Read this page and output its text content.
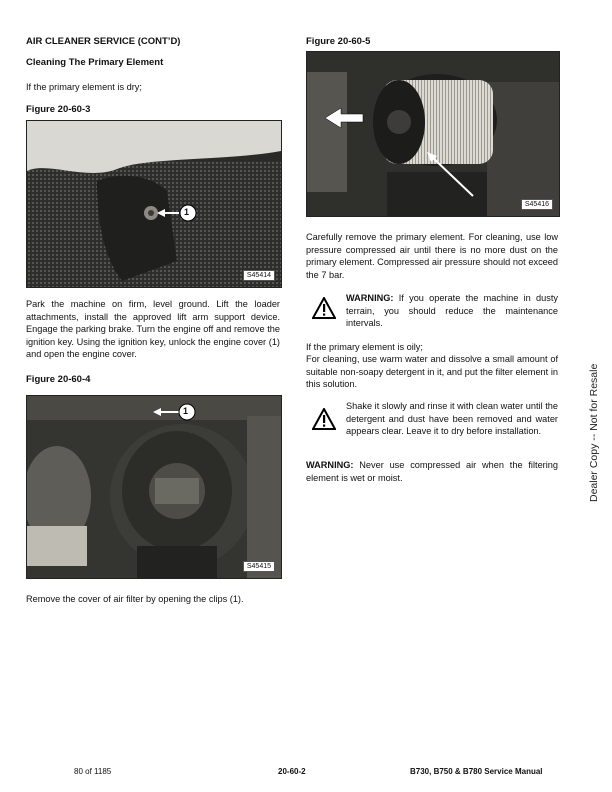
AIR CLEANER SERVICE (CONT’D)
Cleaning The Primary Element
If the primary element is dry;
Figure 20-60-3
1
S45414
Park the machine on firm, level ground. Lift the loader attachments, install the approved lift arm support device. Engage the parking brake. Turn the engine off and remove the ignition key. Using the ignition key, unlock the engine cover (1) and open the engine cover.
Figure 20-60-4
1
S45415
Remove the cover of air filter by opening the clips (1).
Figure 20-60-5
S45416
Carefully remove the primary element. For cleaning, use low pressure compressed air until there is no more dust on the primary element. Compressed air pressure should not exceed the 7 bar.
WARNING: If you operate the machine in dusty terrain, you should reduce the maintenance intervals.
If the primary element is oily;
For cleaning, use warm water and dissolve a small amount of suitable non-soapy detergent in it, and put the filter element in this solution.
Shake it slowly and rinse it with clean water until the detergent and dust have been removed and water appears clear. Leave it to dry before installation.
WARNING: Never use compressed air when the filtering element is wet or moist.	Dealer Copy -- Not for Resale
80 of 1185	20-60-2	B730, B750 & B780 Service Manual
